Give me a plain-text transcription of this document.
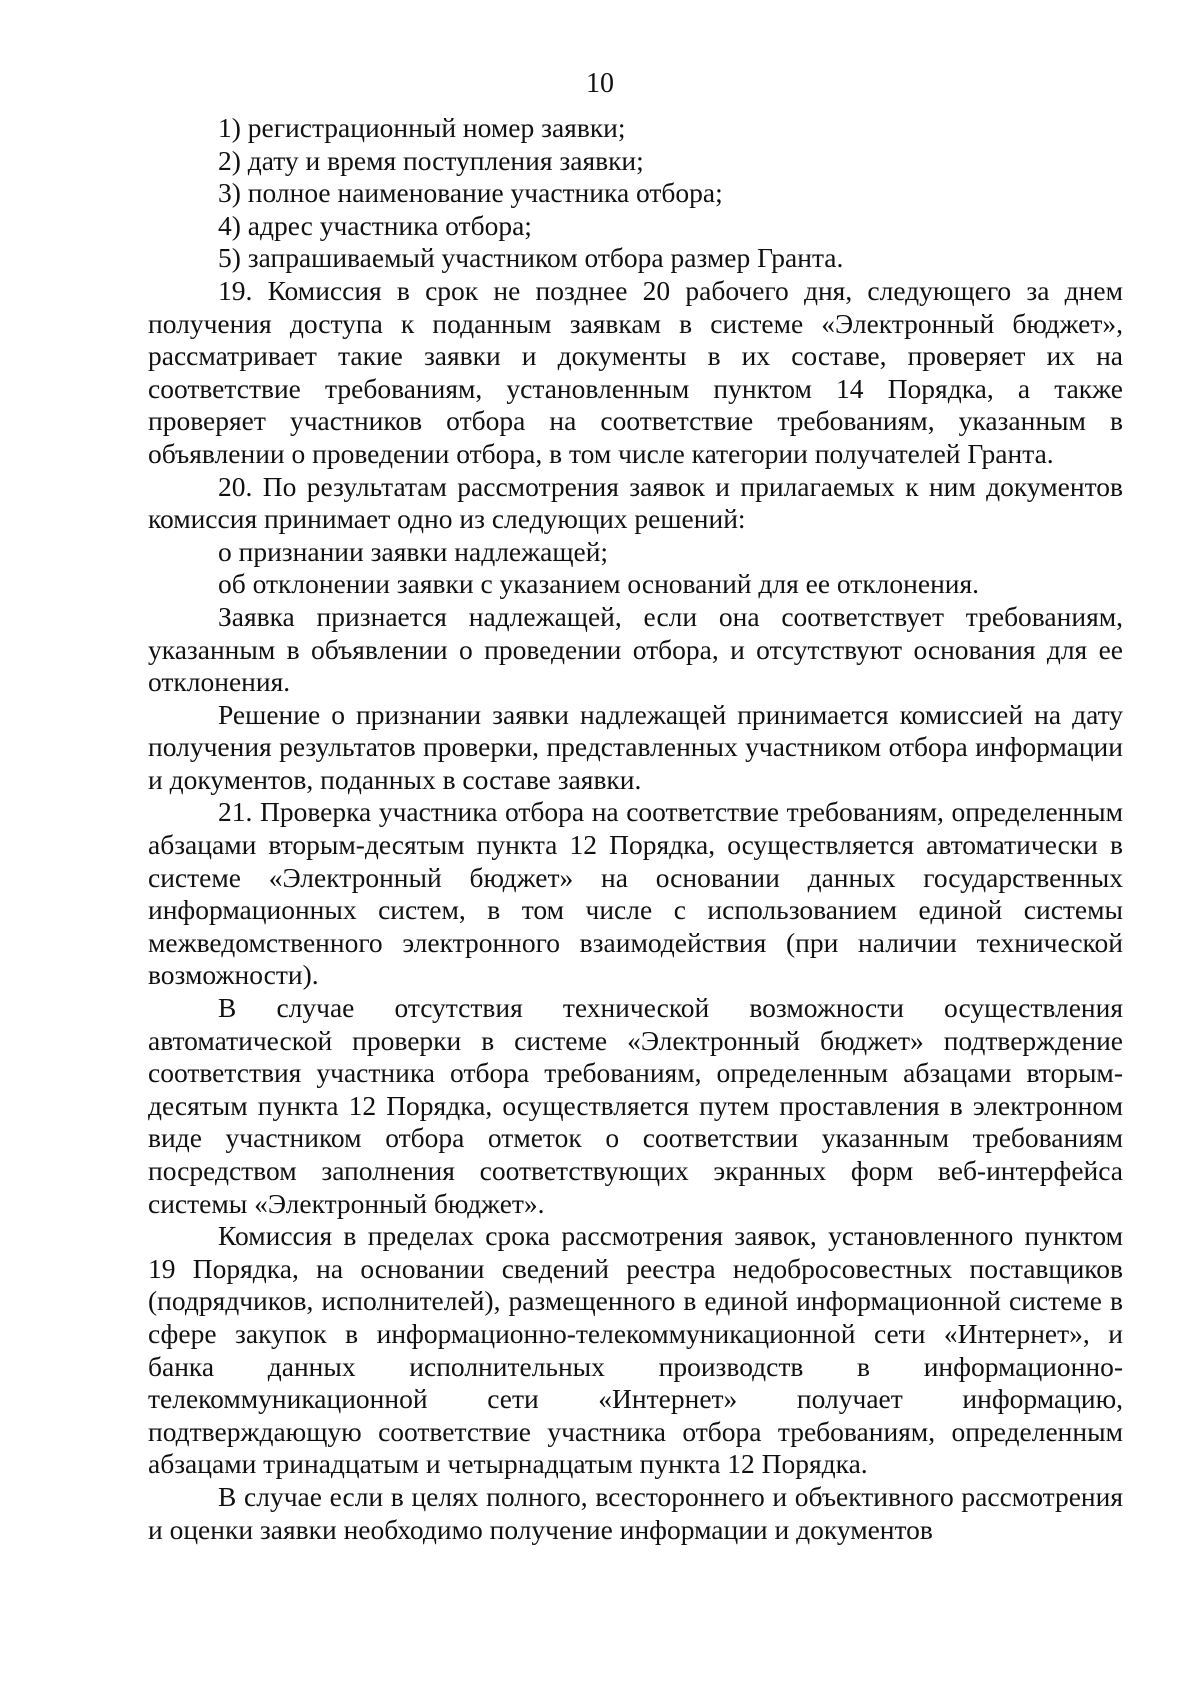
10
1) регистрационный номер заявки;
2) дату и время поступления заявки;
3) полное наименование участника отбора;
4) адрес участника отбора;
5) запрашиваемый участником отбора размер Гранта.

19. Комиссия в срок не позднее 20 рабочего дня, следующего за днем получения доступа к поданным заявкам в системе «Электронный бюджет», рассматривает такие заявки и документы в их составе, проверяет их на соответствие требованиям, установленным пунктом 14 Порядка, а также проверяет участников отбора на соответствие требованиям, указанным в объявлении о проведении отбора, в том числе категории получателей Гранта.

20. По результатам рассмотрения заявок и прилагаемых к ним документов комиссия принимает одно из следующих решений:

о признании заявки надлежащей;
об отклонении заявки с указанием оснований для ее отклонения.

Заявка признается надлежащей, если она соответствует требованиям, указанным в объявлении о проведении отбора, и отсутствуют основания для ее отклонения.

Решение о признании заявки надлежащей принимается комиссией на дату получения результатов проверки, представленных участником отбора информации и документов, поданных в составе заявки.

21. Проверка участника отбора на соответствие требованиям, определенным абзацами вторым-десятым пункта 12 Порядка, осуществляется автоматически в системе «Электронный бюджет» на основании данных государственных информационных систем, в том числе с использованием единой системы межведомственного электронного взаимодействия (при наличии технической возможности).

В случае отсутствия технической возможности осуществления автоматической проверки в системе «Электронный бюджет» подтверждение соответствия участника отбора требованиям, определенным абзацами вторым-десятым пункта 12 Порядка, осуществляется путем проставления в электронном виде участником отбора отметок о соответствии указанным требованиям посредством заполнения соответствующих экранных форм веб-интерфейса системы «Электронный бюджет».

Комиссия в пределах срока рассмотрения заявок, установленного пунктом 19 Порядка, на основании сведений реестра недобросовестных поставщиков (подрядчиков, исполнителей), размещенного в единой информационной системе в сфере закупок в информационно-телекоммуникационной сети «Интернет», и банка данных исполнительных производств в информационно-телекоммуникационной сети «Интернет» получает информацию, подтверждающую соответствие участника отбора требованиям, определенным абзацами тринадцатым и четырнадцатым пункта 12 Порядка.

В случае если в целях полного, всестороннего и объективного рассмотрения и оценки заявки необходимо получение информации и документов
